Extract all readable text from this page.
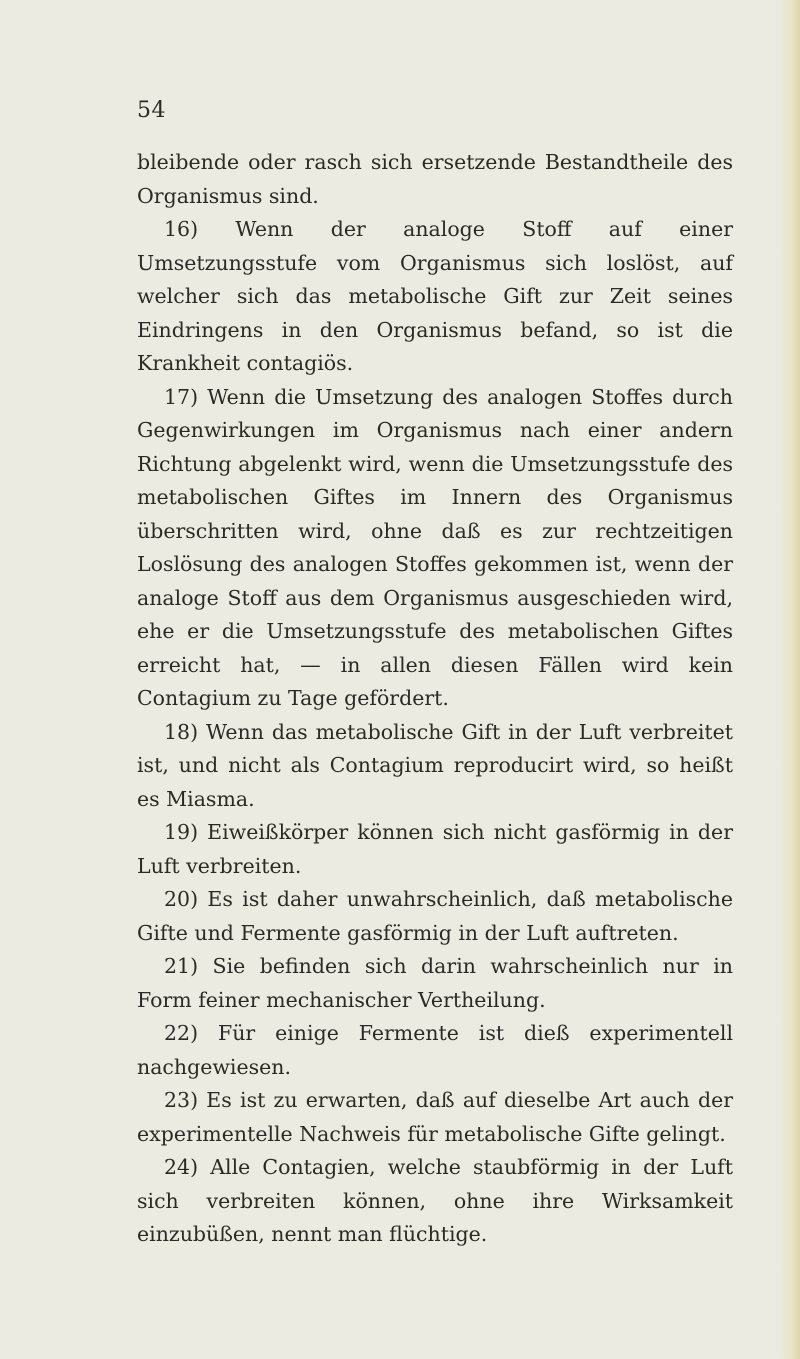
54

bleibende oder rasch sich ersetzende Bestandtheile des Organismus sind.

16) Wenn der analoge Stoff auf einer Umsetzungsstufe vom Organismus sich loslöst, auf welcher sich das metabolische Gift zur Zeit seines Eindringens in den Organismus befand, so ist die Krankheit contagiös.

17) Wenn die Umsetzung des analogen Stoffes durch Gegenwirkungen im Organismus nach einer andern Richtung abgelenkt wird, wenn die Umsetzungsstufe des metabolischen Giftes im Innern des Organismus überschritten wird, ohne daß es zur rechtzeitigen Loslösung des analogen Stoffes gekommen ist, wenn der analoge Stoff aus dem Organismus ausgeschieden wird, ehe er die Umsetzungsstufe des metabolischen Giftes erreicht hat, — in allen diesen Fällen wird kein Contagium zu Tage gefördert.

18) Wenn das metabolische Gift in der Luft verbreitet ist, und nicht als Contagium reproducirt wird, so heißt es Miasma.

19) Eiweißkörper können sich nicht gasförmig in der Luft verbreiten.

20) Es ist daher unwahrscheinlich, daß metabolische Gifte und Fermente gasförmig in der Luft auftreten.

21) Sie befinden sich darin wahrscheinlich nur in Form feiner mechanischer Vertheilung.

22) Für einige Fermente ist dieß experimentell nachgewiesen.

23) Es ist zu erwarten, daß auf dieselbe Art auch der experimentelle Nachweis für metabolische Gifte gelingt.

24) Alle Contagien, welche staubförmig in der Luft sich verbreiten können, ohne ihre Wirksamkeit einzubüßen, nennt man flüchtige.
